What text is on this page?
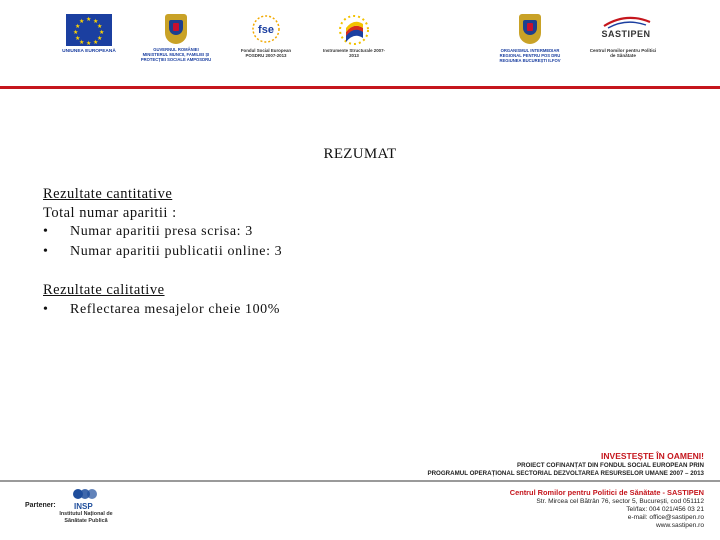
★ ★
★
★
★
★
★
★
★
★
★
★
UNIUNEA EUROPEANĂ	GUVERNUL ROMÂNIEI MINISTERUL MUNCII, FAMILIEI ȘI PROTECȚIEI SOCIALE AMPOSDRU
fse
Fondul Social European POSDRU 2007-2013
Instrumente Structurale 2007-2013
ORGANISMUL INTERMEDIAR REGIONAL PENTRU POS DRU REGIUNEA BUCUREȘTI ILFOV
SASTIPEN
Centrul Romilor pentru Politici de Sănătate
REZUMAT
Rezultate cantitative
Total numar aparitii :
• Numar aparitii presa scrisa: 3
• Numar aparitii publicatii online: 3
Rezultate calitative
• Reflectarea mesajelor cheie 100%
INVESTEȘTE ÎN OAMENI!
PROIECT COFINANȚAT DIN FONDUL SOCIAL EUROPEAN PRIN
PROGRAMUL OPERAȚIONAL SECTORIAL DEZVOLTAREA RESURSELOR UMANE 2007 – 2013
Centrul Romilor pentru Politici de Sănătate - SASTIPEN
Str. Mircea cel Bătrân 76, sector 5, București, cod 051112
Tel/fax: 004 021/456 03 21
e-mail: office@sastipen.ro
www.sastipen.ro
Partener: INSP
Institutul Național de Sănătate Publică
